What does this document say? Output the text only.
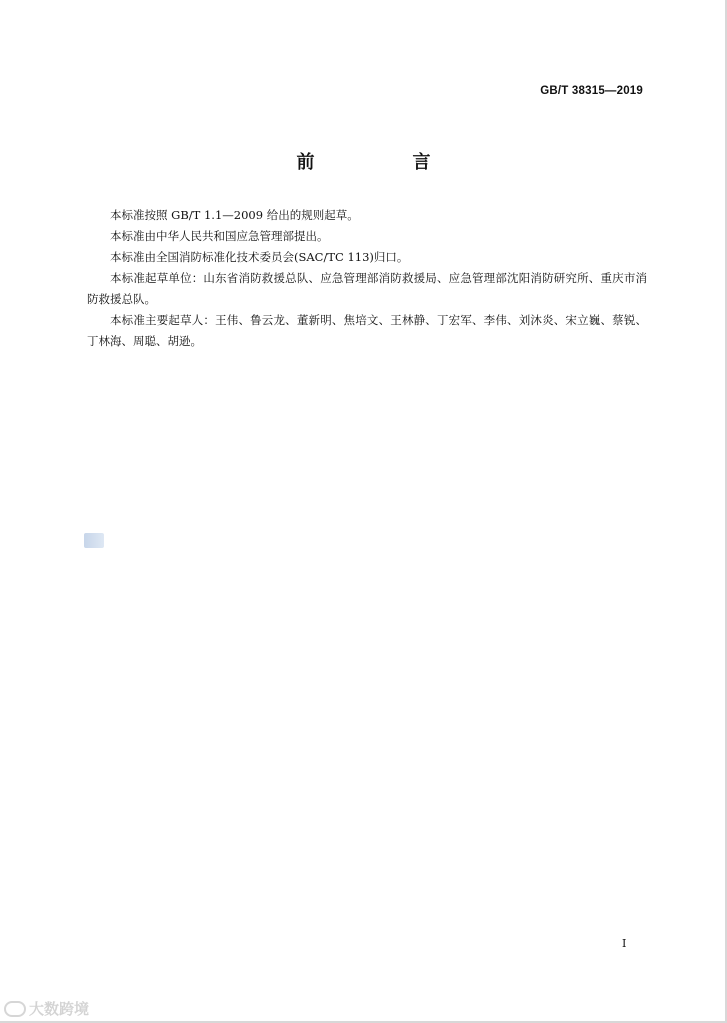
GB/T 38315—2019
前　言

本标准按照 GB/T 1.1—2009 给出的规则起草。

本标准由中华人民共和国应急管理部提出。

本标准由全国消防标准化技术委员会(SAC/TC 113)归口。

本标准起草单位：山东省消防救援总队、应急管理部消防救援局、应急管理部沈阳消防研究所、重庆市消防救援总队。

本标准主要起草人：王伟、鲁云龙、董新明、焦培文、王林静、丁宏军、李伟、刘沐炎、宋立巍、蔡锐、丁林海、周聪、胡逊。

I
大数跨境
